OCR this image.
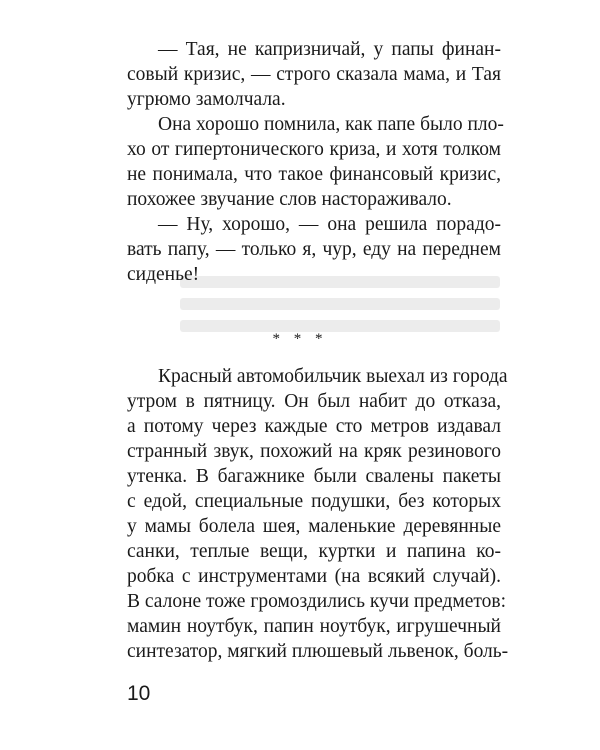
— Тая, не капризничай, у папы финан-
совый кризис, — строго сказала мама, и Тая
угрюмо замолчала.
Она хорошо помнила, как папе было пло-
хо от гипертонического криза, и хотя толком
не понимала, что такое финансовый кризис,
похожее звучание слов настораживало.
— Ну, хорошо, — она решила порадо-
вать папу, — только я, чур, еду на переднем
сиденье!
* * *
Красный автомобильчик выехал из города
утром в пятницу. Он был набит до отказа,
а потому через каждые сто метров издавал
странный звук, похожий на кряк резинового
утенка. В багажнике были свалены пакеты
с едой, специальные подушки, без которых
у мамы болела шея, маленькие деревянные
санки, теплые вещи, куртки и папина ко-
робка с инструментами (на всякий случай).
В салоне тоже громоздились кучи предметов:
мамин ноутбук, папин ноутбук, игрушечный
синтезатор, мягкий плюшевый львенок, боль-
10
